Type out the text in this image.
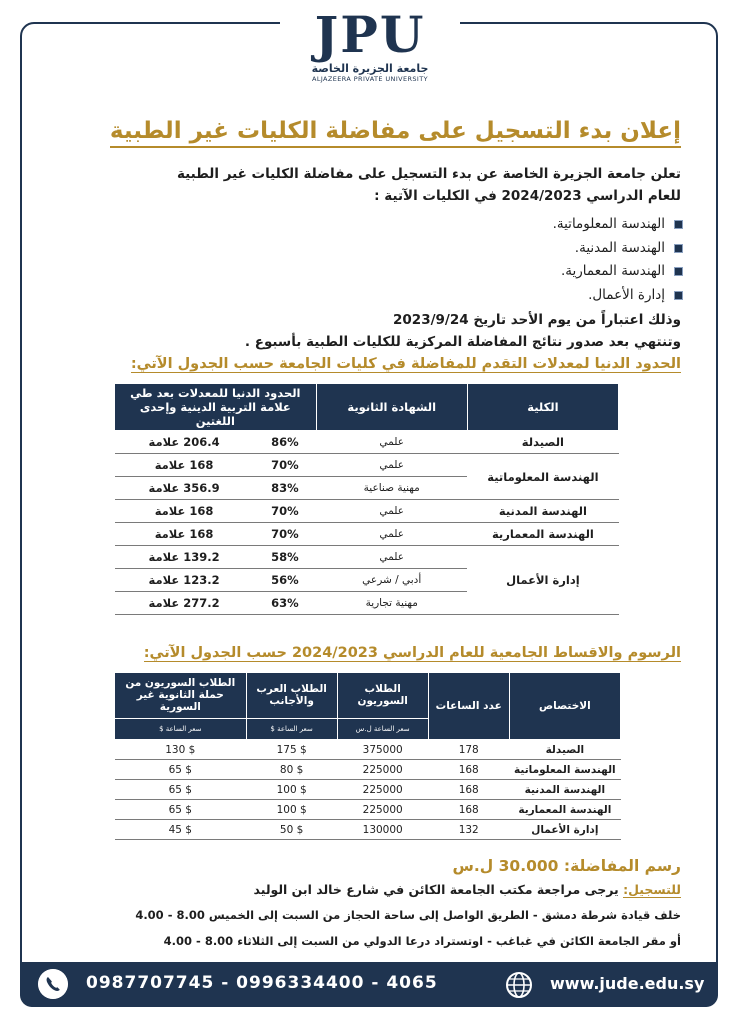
JPU
جامعة الجزيرة الخاصة
ALJAZEERA PRIVATE UNIVERSITY
إعلان بدء التسجيل على مفاضلة الكليات غير الطبية
تعلن جامعة الجزيرة الخاصة عن بدء التسجيل على مفاضلة الكليات غير الطبية
للعام الدراسي 2024/2023 في الكليات الآتية :
الهندسة المعلوماتية.
الهندسة المدنية.
الهندسة المعمارية.
إدارة الأعمال.
وذلك اعتباراً من يوم الأحد تاريخ 2023/9/24
وتنتهي بعد صدور نتائج المفاضلة المركزية للكليات الطبية بأسبوع .
الحدود الدنيا لمعدلات التقدم للمفاضلة في كليات الجامعة حسب الجدول الآتي:
الكلية	الشهادة الثانوية	الحدود الدنيا للمعدلات بعد طي علامة التربية الدينية وإحدى اللغتين	
الصيدلة	علمي	86%	206.4 علامة
الهندسة المعلوماتية	علمي	70%	168 علامة
	مهنية صناعية	83%	356.9 علامة
الهندسة المدنية	علمي	70%	168 علامة
الهندسة المعمارية	علمي	70%	168 علامة
إدارة الأعمال	علمي	58%	139.2 علامة
	أدبي / شرعي	56%	123.2 علامة
	مهنية تجارية	63%	277.2 علامة
الرسوم والاقساط الجامعية للعام الدراسي 2024/2023 حسب الجدول الآتي:
الاختصاص	عدد الساعات	الطلاب السوريون	الطلاب العرب والأجانب	الطلاب السوريون من حملة الثانوية غير السورية
		سعر الساعة ل.س	سعر الساعة $	سعر الساعة $
الصيدلة	178	375000	$ 175	$ 130
الهندسة المعلوماتية	168	225000	$ 80	$ 65
الهندسة المدنية	168	225000	$ 100	$ 65
الهندسة المعمارية	168	225000	$ 100	$ 65
إدارة الأعمال	132	130000	$ 50	$ 45
رسم المفاضلة: 30.000 ل.س
للتسجيل: يرجى مراجعة مكتب الجامعة الكائن في شارع خالد ابن الوليد
خلف قيادة شرطة دمشق - الطريق الواصل إلى ساحة الحجاز من السبت إلى الخميس 8.00 - 4.00
أو مقر الجامعة الكائن في غباغب - اوتستراد درعا الدولي من السبت إلى الثلاثاء 8.00 - 4.00
0987707745 - 0996334400 - 4065	www.jude.edu.sy
